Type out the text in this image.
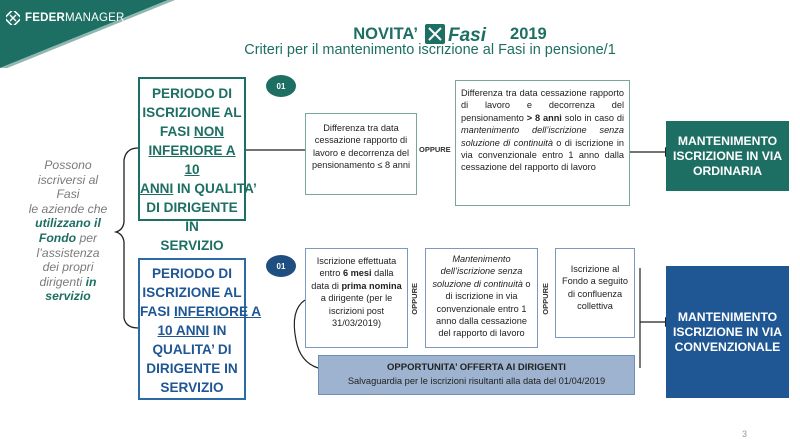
FEDER MANAGER
NOVITA’ Fasi 2019
Criteri per il mantenimento iscrizione al Fasi in pensione/1
Possono
iscriversi al
Fasi
le aziende che
utilizzano il
Fondo per
l’assistenza
dei propri
dirigenti in
servizio
PERIODO DI
ISCRIZIONE AL
FASI NON
INFERIORE A 10
ANNI IN QUALITA’
DI DIRIGENTE IN
SERVIZIO
01
Differenza tra data cessazione rapporto di lavoro e decorrenza del pensionamento ≤ 8 anni
OPPURE
Differenza tra data cessazione rapporto di lavoro e decorrenza del pensionamento > 8 anni solo in caso di mantenimento dell’iscrizione senza soluzione di continuità o di iscrizione in via convenzionale entro 1 anno dalla cessazione del rapporto di lavoro
MANTENIMENTO ISCRIZIONE IN VIA ORDINARIA
PERIODO DI
ISCRIZIONE AL
FASI INFERIORE A
10 ANNI IN
QUALITA’ DI
DIRIGENTE IN
SERVIZIO
01	Iscrizione effettuata entro 6 mesi dalla data di prima nomina a dirigente (per le iscrizioni post 31/03/2019)
OPPURE
Mantenimento dell’iscrizione senza soluzione di continuità o di iscrizione in via convenzionale entro 1 anno dalla cessazione del rapporto di lavoro
OPPURE
Iscrizione al Fondo a seguito di confluenza collettiva
OPPORTUNITA’ OFFERTA AI DIRIGENTI
Salvaguardia per le iscrizioni risultanti alla data del 01/04/2019
MANTENIMENTO ISCRIZIONE IN VIA CONVENZIONALE
3
